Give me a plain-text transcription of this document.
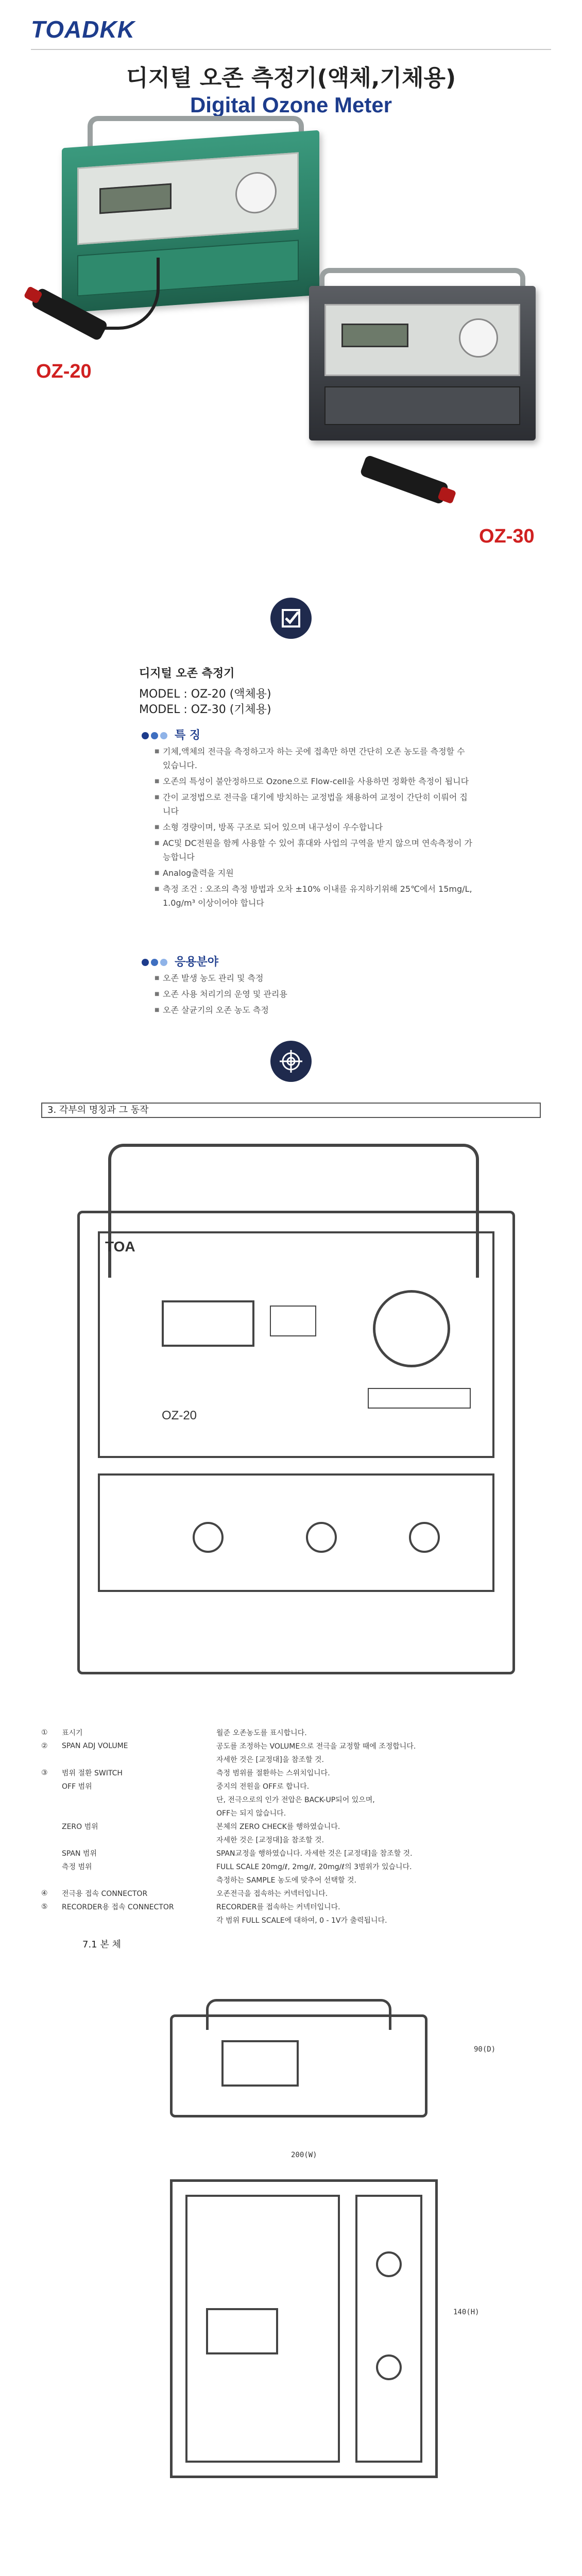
TOADKK
디지털 오존 측정기(액체,기체용)
Digital Ozone Meter
OZ-20
OZ-30
디지털 오존 측정기
MODEL : OZ-20 (액체용)
MODEL : OZ-30 (기체용)
특 징
■ 기체,액체의 전극을 측정하고자 하는 곳에 접촉만 하면 간단히 오존 농도를 측정할 수 있습니다.
■ 오존의 특성이 불안정하므로 Ozone으로 Flow-cell을 사용하면 정확한 측정이 됩니다
■ 간이 교정법으로 전극을 대기에 방치하는 교정법을 채용하여 교정이 간단히 이뤄어 집니다
■ 소형 경량이며, 방폭 구조로 되어 있으며 내구성이 우수합니다
■ AC및 DC전원을 함께 사용할 수 있어 휴대와 사업의 구역을 받지 않으며 연속측정이 가능합니다
■ Analog출력을 지원
■ 측정 조건 : 오조의 측정 방법과 오차 ±10% 이내를 유지하기위해 25℃에서 15mg/L, 1.0g/m³ 이상이어야 합니다
응용분야
■ 오존 발생 농도 관리 및 측정
■ 오존 사용 처리기의 운영 및 관리용
■ 오존 살균기의 오존 농도 측정
3. 각부의 명칭과 그 동작
TOA
OZ-20
①	표시기	월준 오존농도를 표시합니다.
②	SPAN ADJ VOLUME	공도를 조정하는 VOLUME으로 전극을 교정할 때에 조정합니다.
자세한 것은 [교정대]을 참조할 것.
③	범위 절환 SWITCH	측정 범위를 절환하는 스위치입니다.
OFF 범위	중지의 전원을 OFF로 합니다.
단, 전극으로의 인가 전압은 BACK-UP되어 있으며,
OFF는 되지 않습니다.
ZERO 범위	본체의 ZERO CHECK를 행하였습니다.
자세한 것은 [교정대]을 참조할 것.
SPAN 범위	SPAN교정을 행하였습니다. 자세한 것은 [교정대]을 참조할 것.
측정 범위	FULL SCALE 20mg/ℓ, 2mg/ℓ, 20mg/ℓ의 3범위가 있습니다.
측정하는 SAMPLE 농도에 맞추어 선택할 것.
④	전극용 접속 CONNECTOR	오존전극을 접속하는 커넥터입니다.
⑤	RECORDER용 접속 CONNECTOR	RECORDER를 접속하는 커넥터입니다.
각 범위 FULL SCALE에 대하여, 0 - 1V가 출력됩니다.
7.1 본 체
200(W)
90(D)
140(H)
